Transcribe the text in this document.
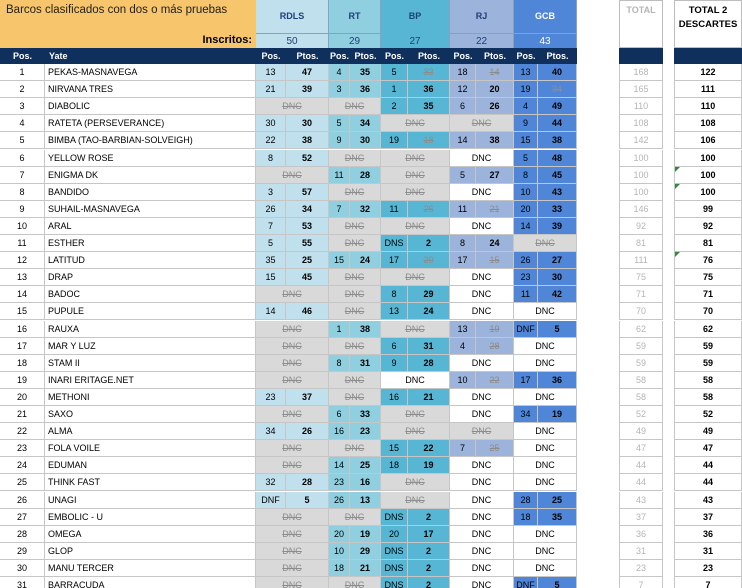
Barcos clasificados con dos o más pruebas
Inscritos:
RDLS
50
RT
29
BP
27
RJ
22
GCB
43
TOTAL	TOTAL 2 DESCARTES
Pos.	Yate	Pos.	Ptos.	Pos. Ptos. Pos.	Ptos.	Pos.	Ptos.	Pos.	Ptos.
1	PEKAS-MASNAVEGA	13	47	4	35	5	32	18	14	13	40	168	122
2	NIRVANA TRES	21	39	3	36	1	36	12	20	19	34	165	111
3	DIABOLIC	DNC	DNC	2	35	6	26	4	49	110	110
4	RATETA (PERSEVERANCE)	30	30	5	34	DNC	DNC	9	44	108	108
5	BIMBA (TAO-BARBIAN-SOLVEIGH)	22	38	9	30	19	18	14	38	15	38	142	106
6	YELLOW ROSE	8	52	DNC	DNC	DNC	5	48	100	100
7	ENIGMA DK	DNC	11	28	DNC	5	27	8	45	100	100
8	BANDIDO	3	57	DNC	DNC	DNC	10	43	100	100
9	SUHAIL-MASNAVEGA	26	34	7	32	11	26	11	21	20	33	146	99
10	ARAL	7	53	DNC	DNC	DNC	14	39	92	92
11	ESTHER	5	55	DNC	DNS	2	8	24	DNC	81	81
12	LATITUD	35	25	15	24	17	20	17	15	26	27	111	76
13	DRAP	15	45	DNC	DNC	DNC	23	30	75	75
14	BADOC	DNC	DNC	8	29	DNC	11	42	71	71
15	PUPULE	14	46	DNC	13	24	DNC	DNC	70	70
16	RAUXA	DNC	1	38	DNC	13	19	DNF	5	62	62
17	MAR Y LUZ	DNC	DNC	6	31	4	28	DNC	59	59
18	STAM II	DNC	8	31	9	28	DNC	DNC	59	59
19	INARI ERITAGE.NET	DNC	DNC	DNC	10	22	17	36	58	58
20	METHONI	23	37	DNC	16	21	DNC	DNC	58	58
21	SAXO	DNC	6	33	DNC	DNC	34	19	52	52
22	ALMA	34	26	16	23	DNC	DNC	DNC	49	49
23	FOLA VOILE	DNC	DNC	15	22	7	25	DNC	47	47
24	EDUMAN	DNC	14	25	18	19	DNC	DNC	44	44
25	THINK FAST	32	28	23	16	DNC	DNC	DNC	44	44
26	UNAGI	DNF	5	26	13	DNC	DNC	28	25	43	43
27	EMBOLIC - U	DNC	DNC	DNS	2	DNC	18	35	37	37
28	OMEGA	DNC	20	19	20	17	DNC	DNC	36	36
29	GLOP	DNC	10	29	DNS	2	DNC	DNC	31	31
30	MANU TERCER	DNC	18	21	DNS	2	DNC	DNC	23	23
31	BARRACUDA	DNC	DNC	DNS	2	DNC	DNF	5	7	7
